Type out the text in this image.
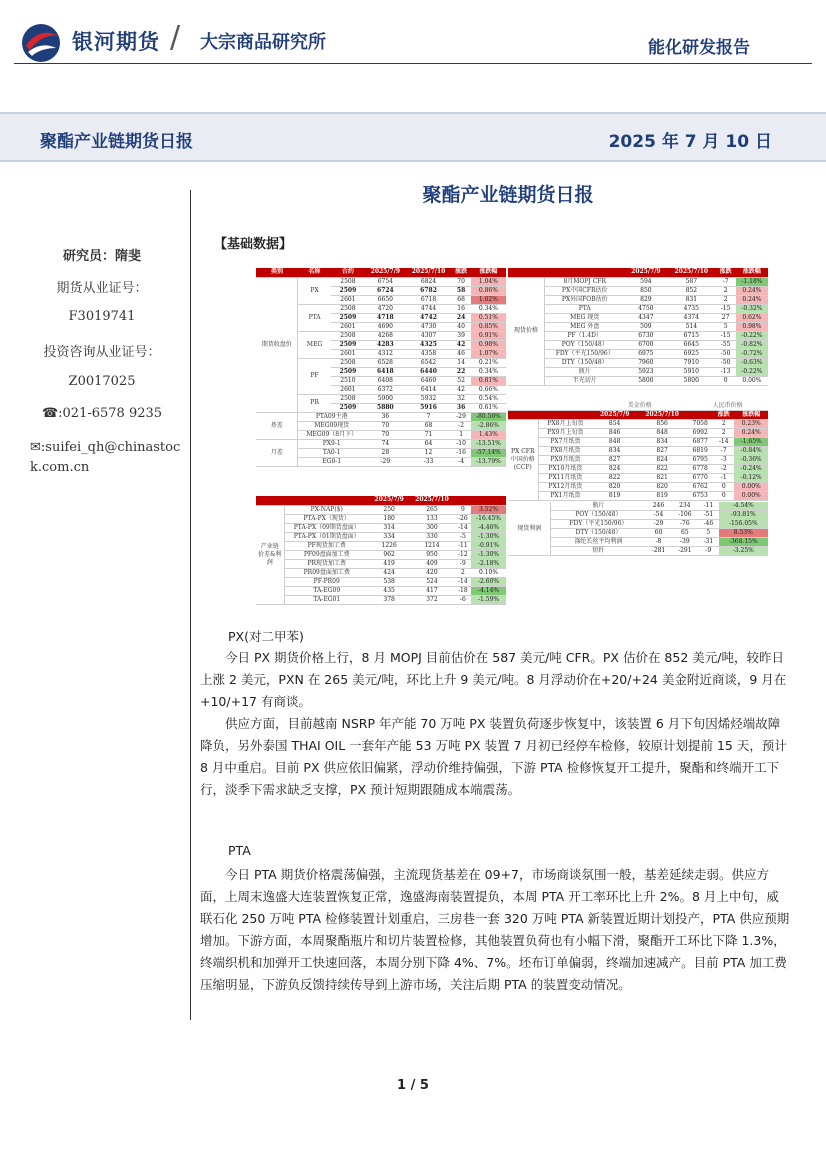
银河期货 / 大宗商品研究所	能化研发报告
聚酯产业链期货日报	2025 年 7 月 10 日
研究员：隋斐
期货从业证号：
F3019741
投资咨询从业证号：
Z0017025
☎:021-6578 9235
✉:suifei_qh@chinastock.com.cn
聚酯产业链期货日报
【基础数据】
类别	名称	合约	2025/7/9	2025/7/10	涨跌	涨跌幅
期货收盘价	PX	2508	6754	6824	70	1.04%
		2509	6724	6782	58	0.86%
		2601	6650	6718	68	1.02%
	PTA	2508	4720	4744	16	0.34%
		2509	4718	4742	24	0.51%
		2601	4690	4730	40	0.85%
	MEG	2508	4268	4307	39	0.91%
		2509	4283	4325	42	0.98%
		2601	4312	4358	46	1.07%
	PF	2508	6528	6542	14	0.21%
		2509	6418	6440	22	0.34%
		2510	6408	6460	52	0.81%
		2601	6372	6414	42	0.66%
	PR	2508	5900	5932	32	0.54%
		2509	5880	5916	36	0.61%
基差	PTA09主港		36	7	-29	-80.56%
	MEG09现货		70	68	-2	-2.86%
	MEG09（8月下）		70	71	1	1.43%
月差	PX9-1		74	64	-10	-13.51%
	TA0-1		28	12	-16	-57.14%
	EG0-1		-29	-33	-4	-13.79%
			2025/7/9	2025/7/10		
产业链价差&利润	PX-NAP($)		250	265	9	3.52%
	PTA-PX（现货）		180	133	-26	-16.45%
	PTA-PX（09期货盘面）		314	300	-14	-4.46%
	PTA-PX（01期货盘面）		334	330	-5	-1.30%
	PF现货加工费		1226	1214	-11	-0.91%
	PF09盘面加工费		962	950	-12	-1.30%
	PR现货加工费		419	409	-9	-2.18%
	PR09盘面加工费		424	420	2	0.10%
	PF-PR09		538	524	-14	-2.60%
	TA-EG09		435	417	-18	-4.14%
	TA-EG01		378	372	-6	-1.59%
		2025/7/9	2025/7/10	涨跌	涨跌幅
现货价格	8月MOPJ CFR	594	587	-7	-1.18%
	PX中国CFR估价	850	852	2	0.24%
	PX外国FOB估价	829	831	2	0.24%
	PTA	4750	4735	-15	-0.32%
	MEG 现货	4347	4374	27	0.62%
	MEG 外盘	509	514	5	0.98%
	PF（1.4D）	6730	6715	-15	-0.22%
	POY（150/48）	6700	6645	-55	-0.82%
	FDY（平光150/96）	6975	6925	-50	-0.72%
	DTY（150/48）	7960	7910	-50	-0.63%
	瓶片	5923	5910	-13	-0.22%
	半光切片	5800	5800	0	0.00%
		美金价格		人民币价格		
		2025/7/9	2025/7/10		涨跌	涨跌幅
PX CFR 中国价格 (CCF)	PX8月上旬货	854	856	7058	2	0.23%
	PX9月上旬货	846	848	6992	2	0.24%
	PX7月纸货	848	834	6877	-14	-1.65%
	PX8月纸货	834	827	6819	-7	-0.84%
	PX9月纸货	827	824	6795	-3	-0.36%
	PX10月纸货	824	822	6778	-2	-0.24%
	PX11月纸货	822	821	6770	-1	-0.12%
	PX12月纸货	820	820	6762	0	0.00%
	PX1月纸货	819	819	6753	0	0.00%
现货利润	瓶片	246	234	-11	-4.54%
	POY（150/48）	-54	-106	-51	-93.81%
	FDY（平光150/96）	-29	-76	-46	-156.05%
	DTY（150/48）	60	65	5	8.53%
	涤纶长丝平均利润	-8	-39	-31	-368.15%
	短纤	-281	-291	-9	-3.25%
PX(对二甲苯)
今日 PX 期货价格上行，8 月 MOPJ 目前估价在 587 美元/吨 CFR。PX 估价在 852 美元/吨，较昨日上涨 2 美元，PXN 在 265 美元/吨，环比上升 9 美元/吨。8 月浮动价在+20/+24 美金附近商谈，9 月在+10/+17 有商谈。
供应方面，目前越南 NSRP 年产能 70 万吨 PX 装置负荷逐步恢复中，该装置 6 月下旬因烯烃端故障降负，另外泰国 THAI OIL 一套年产能 53 万吨 PX 装置 7 月初已经停车检修，较原计划提前 15 天，预计 8 月中重启。目前 PX 供应依旧偏紧，浮动价维持偏强，下游 PTA 检修恢复开工提升，聚酯和终端开工下行，淡季下需求缺乏支撑，PX 预计短期跟随成本端震荡。
PTA
今日 PTA 期货价格震荡偏强，主流现货基差在 09+7，市场商谈氛围一般，基差延续走弱。供应方面，上周末逸盛大连装置恢复正常，逸盛海南装置提负，本周 PTA 开工率环比上升 2%。8 月上中旬，威联石化 250 万吨 PTA 检修装置计划重启，三房巷一套 320 万吨 PTA 新装置近期计划投产，PTA 供应预期增加。下游方面，本周聚酯瓶片和切片装置检修，其他装置负荷也有小幅下滑，聚酯开工环比下降 1.3%，终端织机和加弹开工快速回落，本周分别下降 4%、7%。坯布订单偏弱，终端加速减产。目前 PTA 加工费压缩明显，下游负反馈持续传导到上游市场，关注后期 PTA 的装置变动情况。
1 / 5
